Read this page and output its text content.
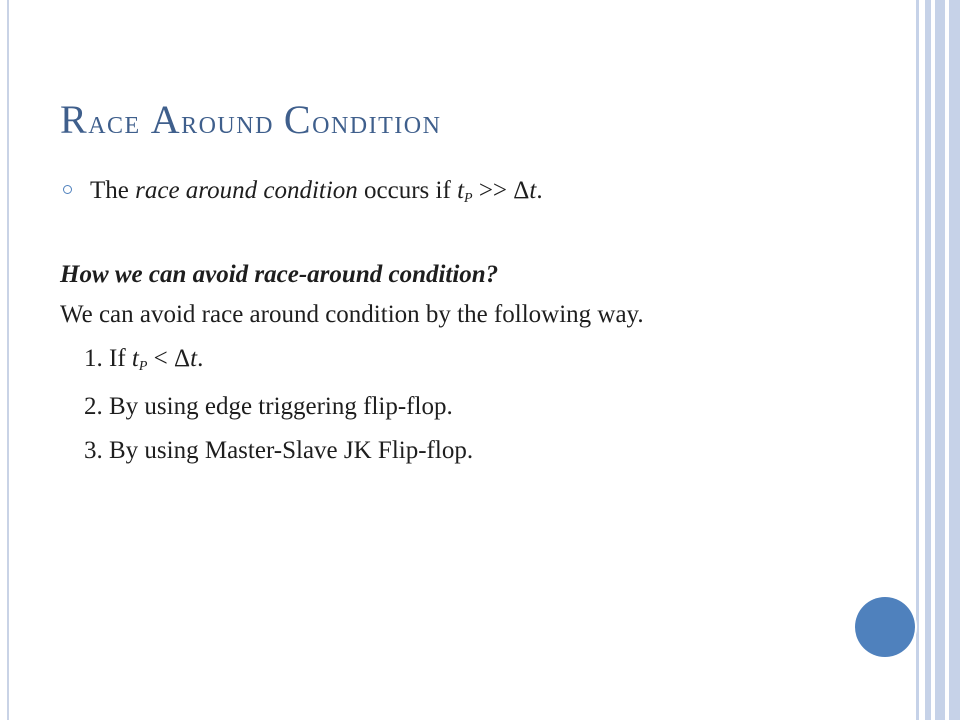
Race Around Condition
The race around condition occurs if tP >> Δt.
How we can avoid race-around condition?
We can avoid race around condition by the following way.
1. If tP < Δt.
2. By using edge triggering flip-flop.
3. By using Master-Slave JK Flip-flop.
